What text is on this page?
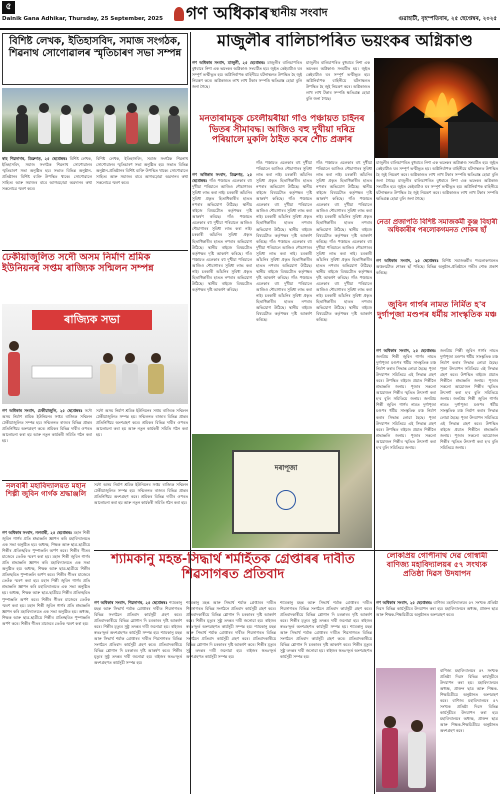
৫
Dainik Gana Adhikar, Thursday, 25 September, 2025	গণ অধিকাৰ স্থানীয় সংবাদ	গুৱাহাটী, বৃহস্পতিবাৰ, ২৫ ছেপ্তেম্বৰ, ২০২৫
বিশিষ্ট লেখক, ইতিহাসবিদ, সমাজ সংগঠক, শিৱনাথ সোণোৱালৰ স্মৃতিচাৰণ সভা সম্পন্ন
স্বাহ শিৱসাগৰ, ডিব্ৰুগড়, ২৫ ছেপ্তেম্বৰঃ বিশিষ্ট লেখক, ইতিহাসবিদ, সমাজ সংগঠক শিৱনাথ সোণোৱালৰ স্মৃতিচাৰণ সভা অনুষ্ঠিত হয়। সভাত বিভিন্ন অনুষ্ঠান-প্ৰতিষ্ঠানৰ বিশিষ্ট ব্যক্তি উপস্থিত থাকে। সোণোৱালে সাহিত্য আৰু সমাজৰ বাবে আগবঢ়োৱা অৱদানৰ কথা সকলোৱে স্মৰণ কৰে।
বিশিষ্ট লেখক, ইতিহাসবিদ, সমাজ সংগঠক শিৱনাথ সোণোৱালৰ স্মৃতিচাৰণ সভা অনুষ্ঠিত হয়। সভাত বিভিন্ন অনুষ্ঠান-প্ৰতিষ্ঠানৰ বিশিষ্ট ব্যক্তি উপস্থিত থাকে। সোণোৱালে সাহিত্য আৰু সমাজৰ বাবে আগবঢ়োৱা অৱদানৰ কথা সকলোৱে স্মৰণ কৰে।
মাজুলীৰ বালিচাপৰিত ভয়ংকৰ অগ্নিকাণ্ড
গণ অধিকাৰ সংবাদ, মাজুলী, ২৫ ছেপ্তেম্বৰঃ মাজুলীৰ বালিচাপৰিত বুধবাৰে নিশা এক ভয়ংকৰ অগ্নিকাণ্ড সংঘটিত হয়। জুইত কেইবাটাও ঘৰ সম্পূৰ্ণ ভস্মীভূত হয়। অগ্নিনিৰ্বাপক বাহিনীয়ে ঘটনাস্থলত উপস্থিত হৈ জুই নিয়ন্ত্ৰণ কৰে। অগ্নিকাণ্ডত লাখ লাখ টকাৰ সম্পত্তি ক্ষতিগ্ৰস্ত হোৱা বুলি জনা গৈছে।
মাজুলীৰ বালিচাপৰিত বুধবাৰে নিশা এক ভয়ংকৰ অগ্নিকাণ্ড সংঘটিত হয়। জুইত কেইবাটাও ঘৰ সম্পূৰ্ণ ভস্মীভূত হয়। অগ্নিনিৰ্বাপক বাহিনীয়ে ঘটনাস্থলত উপস্থিত হৈ জুই নিয়ন্ত্ৰণ কৰে। অগ্নিকাণ্ডত লাখ লাখ টকাৰ সম্পত্তি ক্ষতিগ্ৰস্ত হোৱা বুলি জনা গৈছে।
মনতাৰামচুক চেংলীয়ৰীয়া গাঁও পঞ্চায়ত চাইনৰ ভিতৰ সীমাবদ্ধ। আজিও বহু দুখীয়া দৰিদ্ৰ পৰিয়ালে মুকলি ঠাইত কৰে শৌচ প্ৰক্ৰাৰ
গণ অধিকাৰ সংবাদ, ডিব্ৰুগড়, ২৫ ছেপ্তেম্বৰঃ গাঁও পঞ্চায়ত এলেকাৰ বহু দুখীয়া পৰিয়ালে আজিও শৌচাগাৰৰ সুবিধা লাভ কৰা নাই। চৰকাৰী আঁচনিৰ সুবিধা প্ৰকৃত হিতাধিকাৰীৰ হাতত নপৰাৰ অভিযোগ উঠিছে। স্থানীয় ৰাইজে বিষয়টোত কৰ্তৃপক্ষৰ দৃষ্টি আকৰ্ষণ কৰিছে। গাঁও পঞ্চায়ত এলেকাৰ বহু দুখীয়া পৰিয়ালে আজিও শৌচাগাৰৰ সুবিধা লাভ কৰা নাই। চৰকাৰী আঁচনিৰ সুবিধা প্ৰকৃত হিতাধিকাৰীৰ হাতত নপৰাৰ অভিযোগ উঠিছে। স্থানীয় ৰাইজে বিষয়টোত কৰ্তৃপক্ষৰ দৃষ্টি আকৰ্ষণ কৰিছে। গাঁও পঞ্চায়ত এলেকাৰ বহু দুখীয়া পৰিয়ালে আজিও শৌচাগাৰৰ সুবিধা লাভ কৰা নাই। চৰকাৰী আঁচনিৰ সুবিধা প্ৰকৃত হিতাধিকাৰীৰ হাতত নপৰাৰ অভিযোগ উঠিছে। স্থানীয় ৰাইজে বিষয়টোত কৰ্তৃপক্ষৰ দৃষ্টি আকৰ্ষণ কৰিছে।
গাঁও পঞ্চায়ত এলেকাৰ বহু দুখীয়া পৰিয়ালে আজিও শৌচাগাৰৰ সুবিধা লাভ কৰা নাই। চৰকাৰী আঁচনিৰ সুবিধা প্ৰকৃত হিতাধিকাৰীৰ হাতত নপৰাৰ অভিযোগ উঠিছে। স্থানীয় ৰাইজে বিষয়টোত কৰ্তৃপক্ষৰ দৃষ্টি আকৰ্ষণ কৰিছে। গাঁও পঞ্চায়ত এলেকাৰ বহু দুখীয়া পৰিয়ালে আজিও শৌচাগাৰৰ সুবিধা লাভ কৰা নাই। চৰকাৰী আঁচনিৰ সুবিধা প্ৰকৃত হিতাধিকাৰীৰ হাতত নপৰাৰ অভিযোগ উঠিছে। স্থানীয় ৰাইজে বিষয়টোত কৰ্তৃপক্ষৰ দৃষ্টি আকৰ্ষণ কৰিছে। গাঁও পঞ্চায়ত এলেকাৰ বহু দুখীয়া পৰিয়ালে আজিও শৌচাগাৰৰ সুবিধা লাভ কৰা নাই। চৰকাৰী আঁচনিৰ সুবিধা প্ৰকৃত হিতাধিকাৰীৰ হাতত নপৰাৰ অভিযোগ উঠিছে। স্থানীয় ৰাইজে বিষয়টোত কৰ্তৃপক্ষৰ দৃষ্টি আকৰ্ষণ কৰিছে। গাঁও পঞ্চায়ত এলেকাৰ বহু দুখীয়া পৰিয়ালে আজিও শৌচাগাৰৰ সুবিধা লাভ কৰা নাই। চৰকাৰী আঁচনিৰ সুবিধা প্ৰকৃত হিতাধিকাৰীৰ হাতত নপৰাৰ অভিযোগ উঠিছে। স্থানীয় ৰাইজে বিষয়টোত কৰ্তৃপক্ষৰ দৃষ্টি আকৰ্ষণ কৰিছে।
গাঁও পঞ্চায়ত এলেকাৰ বহু দুখীয়া পৰিয়ালে আজিও শৌচাগাৰৰ সুবিধা লাভ কৰা নাই। চৰকাৰী আঁচনিৰ সুবিধা প্ৰকৃত হিতাধিকাৰীৰ হাতত নপৰাৰ অভিযোগ উঠিছে। স্থানীয় ৰাইজে বিষয়টোত কৰ্তৃপক্ষৰ দৃষ্টি আকৰ্ষণ কৰিছে। গাঁও পঞ্চায়ত এলেকাৰ বহু দুখীয়া পৰিয়ালে আজিও শৌচাগাৰৰ সুবিধা লাভ কৰা নাই। চৰকাৰী আঁচনিৰ সুবিধা প্ৰকৃত হিতাধিকাৰীৰ হাতত নপৰাৰ অভিযোগ উঠিছে। স্থানীয় ৰাইজে বিষয়টোত কৰ্তৃপক্ষৰ দৃষ্টি আকৰ্ষণ কৰিছে। গাঁও পঞ্চায়ত এলেকাৰ বহু দুখীয়া পৰিয়ালে আজিও শৌচাগাৰৰ সুবিধা লাভ কৰা নাই। চৰকাৰী আঁচনিৰ সুবিধা প্ৰকৃত হিতাধিকাৰীৰ হাতত নপৰাৰ অভিযোগ উঠিছে। স্থানীয় ৰাইজে বিষয়টোত কৰ্তৃপক্ষৰ দৃষ্টি আকৰ্ষণ কৰিছে। গাঁও পঞ্চায়ত এলেকাৰ বহু দুখীয়া পৰিয়ালে আজিও শৌচাগাৰৰ সুবিধা লাভ কৰা নাই। চৰকাৰী আঁচনিৰ সুবিধা প্ৰকৃত হিতাধিকাৰীৰ হাতত নপৰাৰ অভিযোগ উঠিছে। স্থানীয় ৰাইজে বিষয়টোত কৰ্তৃপক্ষৰ দৃষ্টি আকৰ্ষণ কৰিছে।
মাজুলীৰ বালিচাপৰিত বুধবাৰে নিশা এক ভয়ংকৰ অগ্নিকাণ্ড সংঘটিত হয়। জুইত কেইবাটাও ঘৰ সম্পূৰ্ণ ভস্মীভূত হয়। অগ্নিনিৰ্বাপক বাহিনীয়ে ঘটনাস্থলত উপস্থিত হৈ জুই নিয়ন্ত্ৰণ কৰে। অগ্নিকাণ্ডত লাখ লাখ টকাৰ সম্পত্তি ক্ষতিগ্ৰস্ত হোৱা বুলি জনা গৈছে। মাজুলীৰ বালিচাপৰিত বুধবাৰে নিশা এক ভয়ংকৰ অগ্নিকাণ্ড সংঘটিত হয়। জুইত কেইবাটাও ঘৰ সম্পূৰ্ণ ভস্মীভূত হয়। অগ্নিনিৰ্বাপক বাহিনীয়ে ঘটনাস্থলত উপস্থিত হৈ জুই নিয়ন্ত্ৰণ কৰে। অগ্নিকাণ্ডত লাখ লাখ টকাৰ সম্পত্তি ক্ষতিগ্ৰস্ত হোৱা বুলি জনা গৈছে।
নেতা প্ৰজাপতি বিশিষ্ট সমাজকৰ্মী কুঞ্জ বিহাৰী অধিকাৰীৰ পৰলোকগমনত শোকৰ ছাঁ
গণ অধিকাৰ সংবাদ, ২৫ ছেপ্তেম্বৰঃ বিশিষ্ট সমাজকৰ্মীৰ পৰলোকগমনত অঞ্চলটোত শোকৰ ছাঁ পৰিছে। বিভিন্ন অনুষ্ঠান-প্ৰতিষ্ঠানে গভীৰ শোক প্ৰকাশ কৰিছে।
জুবিন গাৰ্গৰ নামত নিৰ্মিত হ'ব দুৰ্গাপূজা মণ্ডপৰ ধৰ্মীয় সাংস্কৃতিক মঞ্চ
গণ অধিকাৰ সংবাদ, ২৫ ছেপ্তেম্বৰঃ জনপ্ৰিয় শিল্পী জুবিন গাৰ্গৰ নামত দুৰ্গাপূজা মণ্ডপৰ ধৰ্মীয় সাংস্কৃতিক মঞ্চ নিৰ্মাণ কৰাৰ সিদ্ধান্ত লোৱা হৈছে। পূজা উদযাপন সমিতিয়ে এই সিদ্ধান্ত গ্ৰহণ কৰে। উপস্থিত ৰাইজে প্ৰয়াত শিল্পীলৈ শ্ৰদ্ধাঞ্জলি জনায়। পূজাৰ সকলো আয়োজন শিল্পীৰ স্মৃতিত উৎসৰ্গা কৰা হ'ব বুলি সমিতিয়ে জনায়। জনপ্ৰিয় শিল্পী জুবিন গাৰ্গৰ নামত দুৰ্গাপূজা মণ্ডপৰ ধৰ্মীয় সাংস্কৃতিক মঞ্চ নিৰ্মাণ কৰাৰ সিদ্ধান্ত লোৱা হৈছে। পূজা উদযাপন সমিতিয়ে এই সিদ্ধান্ত গ্ৰহণ কৰে। উপস্থিত ৰাইজে প্ৰয়াত শিল্পীলৈ শ্ৰদ্ধাঞ্জলি জনায়। পূজাৰ সকলো আয়োজন শিল্পীৰ স্মৃতিত উৎসৰ্গা কৰা হ'ব বুলি সমিতিয়ে জনায়।
জনপ্ৰিয় শিল্পী জুবিন গাৰ্গৰ নামত দুৰ্গাপূজা মণ্ডপৰ ধৰ্মীয় সাংস্কৃতিক মঞ্চ নিৰ্মাণ কৰাৰ সিদ্ধান্ত লোৱা হৈছে। পূজা উদযাপন সমিতিয়ে এই সিদ্ধান্ত গ্ৰহণ কৰে। উপস্থিত ৰাইজে প্ৰয়াত শিল্পীলৈ শ্ৰদ্ধাঞ্জলি জনায়। পূজাৰ সকলো আয়োজন শিল্পীৰ স্মৃতিত উৎসৰ্গা কৰা হ'ব বুলি সমিতিয়ে জনায়। জনপ্ৰিয় শিল্পী জুবিন গাৰ্গৰ নামত দুৰ্গাপূজা মণ্ডপৰ ধৰ্মীয় সাংস্কৃতিক মঞ্চ নিৰ্মাণ কৰাৰ সিদ্ধান্ত লোৱা হৈছে। পূজা উদযাপন সমিতিয়ে এই সিদ্ধান্ত গ্ৰহণ কৰে। উপস্থিত ৰাইজে প্ৰয়াত শিল্পীলৈ শ্ৰদ্ধাঞ্জলি জনায়। পূজাৰ সকলো আয়োজন শিল্পীৰ স্মৃতিত উৎসৰ্গা কৰা হ'ব বুলি সমিতিয়ে জনায়।
ঢেকীয়াজুলিত সদৌ অসম নিৰ্মাণ শ্ৰমিক ইউনিয়নৰ সপ্তম ৰাজ্যিক সন্মিলন সম্পন্ন
ৰাজ্যিক সভা
গণ অধিকাৰ সংবাদ, ঢেকীয়াজুলি, ২৫ ছেপ্তেম্বৰঃ সদৌ অসম নিৰ্মাণ শ্ৰমিক ইউনিয়নৰ সপ্তম ৰাজ্যিক সন্মিলন ঢেকীয়াজুলিত সম্পন্ন হয়। সন্মিলনত ৰাজ্যৰ বিভিন্ন প্ৰান্তৰ প্ৰতিনিধিয়ে অংশগ্ৰহণ কৰে। শ্ৰমিকৰ বিভিন্ন দাবীৰ ওপৰত আলোচনা কৰা হয় আৰু নতুন কাৰ্যকৰী সমিতি গঠন কৰা হয়।
সদৌ অসম নিৰ্মাণ শ্ৰমিক ইউনিয়নৰ সপ্তম ৰাজ্যিক সন্মিলন ঢেকীয়াজুলিত সম্পন্ন হয়। সন্মিলনত ৰাজ্যৰ বিভিন্ন প্ৰান্তৰ প্ৰতিনিধিয়ে অংশগ্ৰহণ কৰে। শ্ৰমিকৰ বিভিন্ন দাবীৰ ওপৰত আলোচনা কৰা হয় আৰু নতুন কাৰ্যকৰী সমিতি গঠন কৰা হয়।
নলবাৰী মহাবিদ্যালয়ত মহান শিল্পী জুবিন গাৰ্গক শ্ৰদ্ধাঞ্জলি
গণ অধিকাৰ সংবাদ, নলবাৰী, ২৫ ছেপ্তেম্বৰঃ মহান শিল্পী জুবিন গাৰ্গৰ প্ৰতি শ্ৰদ্ধাঞ্জলি জ্ঞাপন কৰি মহাবিদ্যালয়ত এক সভা অনুষ্ঠিত হয়। অধ্যক্ষ, শিক্ষক আৰু ছাত্ৰ-ছাত্ৰীয়ে শিল্পীৰ প্ৰতিচ্ছবিত পুষ্পাঞ্জলি অৰ্পণ কৰে। শিল্পীৰ গীতৰ মাজেৰে তেওঁক স্মৰণ কৰা হয়। মহান শিল্পী জুবিন গাৰ্গৰ প্ৰতি শ্ৰদ্ধাঞ্জলি জ্ঞাপন কৰি মহাবিদ্যালয়ত এক সভা অনুষ্ঠিত হয়। অধ্যক্ষ, শিক্ষক আৰু ছাত্ৰ-ছাত্ৰীয়ে শিল্পীৰ প্ৰতিচ্ছবিত পুষ্পাঞ্জলি অৰ্পণ কৰে। শিল্পীৰ গীতৰ মাজেৰে তেওঁক স্মৰণ কৰা হয়। মহান শিল্পী জুবিন গাৰ্গৰ প্ৰতি শ্ৰদ্ধাঞ্জলি জ্ঞাপন কৰি মহাবিদ্যালয়ত এক সভা অনুষ্ঠিত হয়। অধ্যক্ষ, শিক্ষক আৰু ছাত্ৰ-ছাত্ৰীয়ে শিল্পীৰ প্ৰতিচ্ছবিত পুষ্পাঞ্জলি অৰ্পণ কৰে। শিল্পীৰ গীতৰ মাজেৰে তেওঁক স্মৰণ কৰা হয়। মহান শিল্পী জুবিন গাৰ্গৰ প্ৰতি শ্ৰদ্ধাঞ্জলি জ্ঞাপন কৰি মহাবিদ্যালয়ত এক সভা অনুষ্ঠিত হয়। অধ্যক্ষ, শিক্ষক আৰু ছাত্ৰ-ছাত্ৰীয়ে শিল্পীৰ প্ৰতিচ্ছবিত পুষ্পাঞ্জলি অৰ্পণ কৰে। শিল্পীৰ গীতৰ মাজেৰে তেওঁক স্মৰণ কৰা হয়।
সদৌ অসম নিৰ্মাণ শ্ৰমিক ইউনিয়নৰ সপ্তম ৰাজ্যিক সন্মিলন ঢেকীয়াজুলিত সম্পন্ন হয়। সন্মিলনত ৰাজ্যৰ বিভিন্ন প্ৰান্তৰ প্ৰতিনিধিয়ে অংশগ্ৰহণ কৰে। শ্ৰমিকৰ বিভিন্ন দাবীৰ ওপৰত আলোচনা কৰা হয় আৰু নতুন কাৰ্যকৰী সমিতি গঠন কৰা হয়।
দৰাপূজা
শ্যামকানু মহন্ত-সিদ্ধাৰ্থ শৰ্মাহঁতক গ্ৰেপ্তাৰৰ দাবীত শিৱসাগৰত প্ৰতিবাদ
গণ অধিকাৰ সংবাদ, শিৱসাগৰ, ২৫ ছেপ্তেম্বৰঃ শ্যামকানু মহন্ত আৰু সিদ্ধাৰ্থ শৰ্মাক গ্ৰেপ্তাৰৰ দাবীত শিৱসাগৰত বিভিন্ন সংগঠনে প্ৰতিবাদ কাৰ্যসূচী গ্ৰহণ কৰে। প্ৰতিবাদকাৰীয়ে বিভিন্ন শ্লোগান দি চৰকাৰৰ দৃষ্টি আকৰ্ষণ কৰে। শিল্পীৰ মৃত্যুৰ সুষ্ঠু তদন্তৰ দাবী জনোৱা হয়। ৰাইজৰ স্বতঃস্ফূৰ্ত অংশগ্ৰহণত কাৰ্যসূচী সম্পন্ন হয়। শ্যামকানু মহন্ত আৰু সিদ্ধাৰ্থ শৰ্মাক গ্ৰেপ্তাৰৰ দাবীত শিৱসাগৰত বিভিন্ন সংগঠনে প্ৰতিবাদ কাৰ্যসূচী গ্ৰহণ কৰে। প্ৰতিবাদকাৰীয়ে বিভিন্ন শ্লোগান দি চৰকাৰৰ দৃষ্টি আকৰ্ষণ কৰে। শিল্পীৰ মৃত্যুৰ সুষ্ঠু তদন্তৰ দাবী জনোৱা হয়। ৰাইজৰ স্বতঃস্ফূৰ্ত অংশগ্ৰহণত কাৰ্যসূচী সম্পন্ন হয়।
শ্যামকানু মহন্ত আৰু সিদ্ধাৰ্থ শৰ্মাক গ্ৰেপ্তাৰৰ দাবীত শিৱসাগৰত বিভিন্ন সংগঠনে প্ৰতিবাদ কাৰ্যসূচী গ্ৰহণ কৰে। প্ৰতিবাদকাৰীয়ে বিভিন্ন শ্লোগান দি চৰকাৰৰ দৃষ্টি আকৰ্ষণ কৰে। শিল্পীৰ মৃত্যুৰ সুষ্ঠু তদন্তৰ দাবী জনোৱা হয়। ৰাইজৰ স্বতঃস্ফূৰ্ত অংশগ্ৰহণত কাৰ্যসূচী সম্পন্ন হয়। শ্যামকানু মহন্ত আৰু সিদ্ধাৰ্থ শৰ্মাক গ্ৰেপ্তাৰৰ দাবীত শিৱসাগৰত বিভিন্ন সংগঠনে প্ৰতিবাদ কাৰ্যসূচী গ্ৰহণ কৰে। প্ৰতিবাদকাৰীয়ে বিভিন্ন শ্লোগান দি চৰকাৰৰ দৃষ্টি আকৰ্ষণ কৰে। শিল্পীৰ মৃত্যুৰ সুষ্ঠু তদন্তৰ দাবী জনোৱা হয়। ৰাইজৰ স্বতঃস্ফূৰ্ত অংশগ্ৰহণত কাৰ্যসূচী সম্পন্ন হয়।
শ্যামকানু মহন্ত আৰু সিদ্ধাৰ্থ শৰ্মাক গ্ৰেপ্তাৰৰ দাবীত শিৱসাগৰত বিভিন্ন সংগঠনে প্ৰতিবাদ কাৰ্যসূচী গ্ৰহণ কৰে। প্ৰতিবাদকাৰীয়ে বিভিন্ন শ্লোগান দি চৰকাৰৰ দৃষ্টি আকৰ্ষণ কৰে। শিল্পীৰ মৃত্যুৰ সুষ্ঠু তদন্তৰ দাবী জনোৱা হয়। ৰাইজৰ স্বতঃস্ফূৰ্ত অংশগ্ৰহণত কাৰ্যসূচী সম্পন্ন হয়। শ্যামকানু মহন্ত আৰু সিদ্ধাৰ্থ শৰ্মাক গ্ৰেপ্তাৰৰ দাবীত শিৱসাগৰত বিভিন্ন সংগঠনে প্ৰতিবাদ কাৰ্যসূচী গ্ৰহণ কৰে। প্ৰতিবাদকাৰীয়ে বিভিন্ন শ্লোগান দি চৰকাৰৰ দৃষ্টি আকৰ্ষণ কৰে। শিল্পীৰ মৃত্যুৰ সুষ্ঠু তদন্তৰ দাবী জনোৱা হয়। ৰাইজৰ স্বতঃস্ফূৰ্ত অংশগ্ৰহণত কাৰ্যসূচী সম্পন্ন হয়।
লোকপ্ৰিয় গোপীনাথ দেৱ গোস্বামী বাণিজ্য মহাবিদ্যালয়ৰ ৫৭ সংখ্যক প্ৰতিষ্ঠা দিৱস উদযাপন
গণ অধিকাৰ সংবাদ, ২৫ ছেপ্তেম্বৰঃ বাণিজ্য মহাবিদ্যালয়ৰ ৫৭ সংখ্যক প্ৰতিষ্ঠা দিৱস বিভিন্ন কাৰ্যসূচীৰে উদযাপন কৰা হয়। মহাবিদ্যালয়ৰ অধ্যক্ষ, প্ৰাক্তন ছাত্ৰ আৰু শিক্ষক-শিক্ষয়িত্ৰীয়ে অনুষ্ঠানত অংশগ্ৰহণ কৰে।
বাণিজ্য মহাবিদ্যালয়ৰ ৫৭ সংখ্যক প্ৰতিষ্ঠা দিৱস বিভিন্ন কাৰ্যসূচীৰে উদযাপন কৰা হয়। মহাবিদ্যালয়ৰ অধ্যক্ষ, প্ৰাক্তন ছাত্ৰ আৰু শিক্ষক-শিক্ষয়িত্ৰীয়ে অনুষ্ঠানত অংশগ্ৰহণ কৰে। বাণিজ্য মহাবিদ্যালয়ৰ ৫৭ সংখ্যক প্ৰতিষ্ঠা দিৱস বিভিন্ন কাৰ্যসূচীৰে উদযাপন কৰা হয়। মহাবিদ্যালয়ৰ অধ্যক্ষ, প্ৰাক্তন ছাত্ৰ আৰু শিক্ষক-শিক্ষয়িত্ৰীয়ে অনুষ্ঠানত অংশগ্ৰহণ কৰে।
